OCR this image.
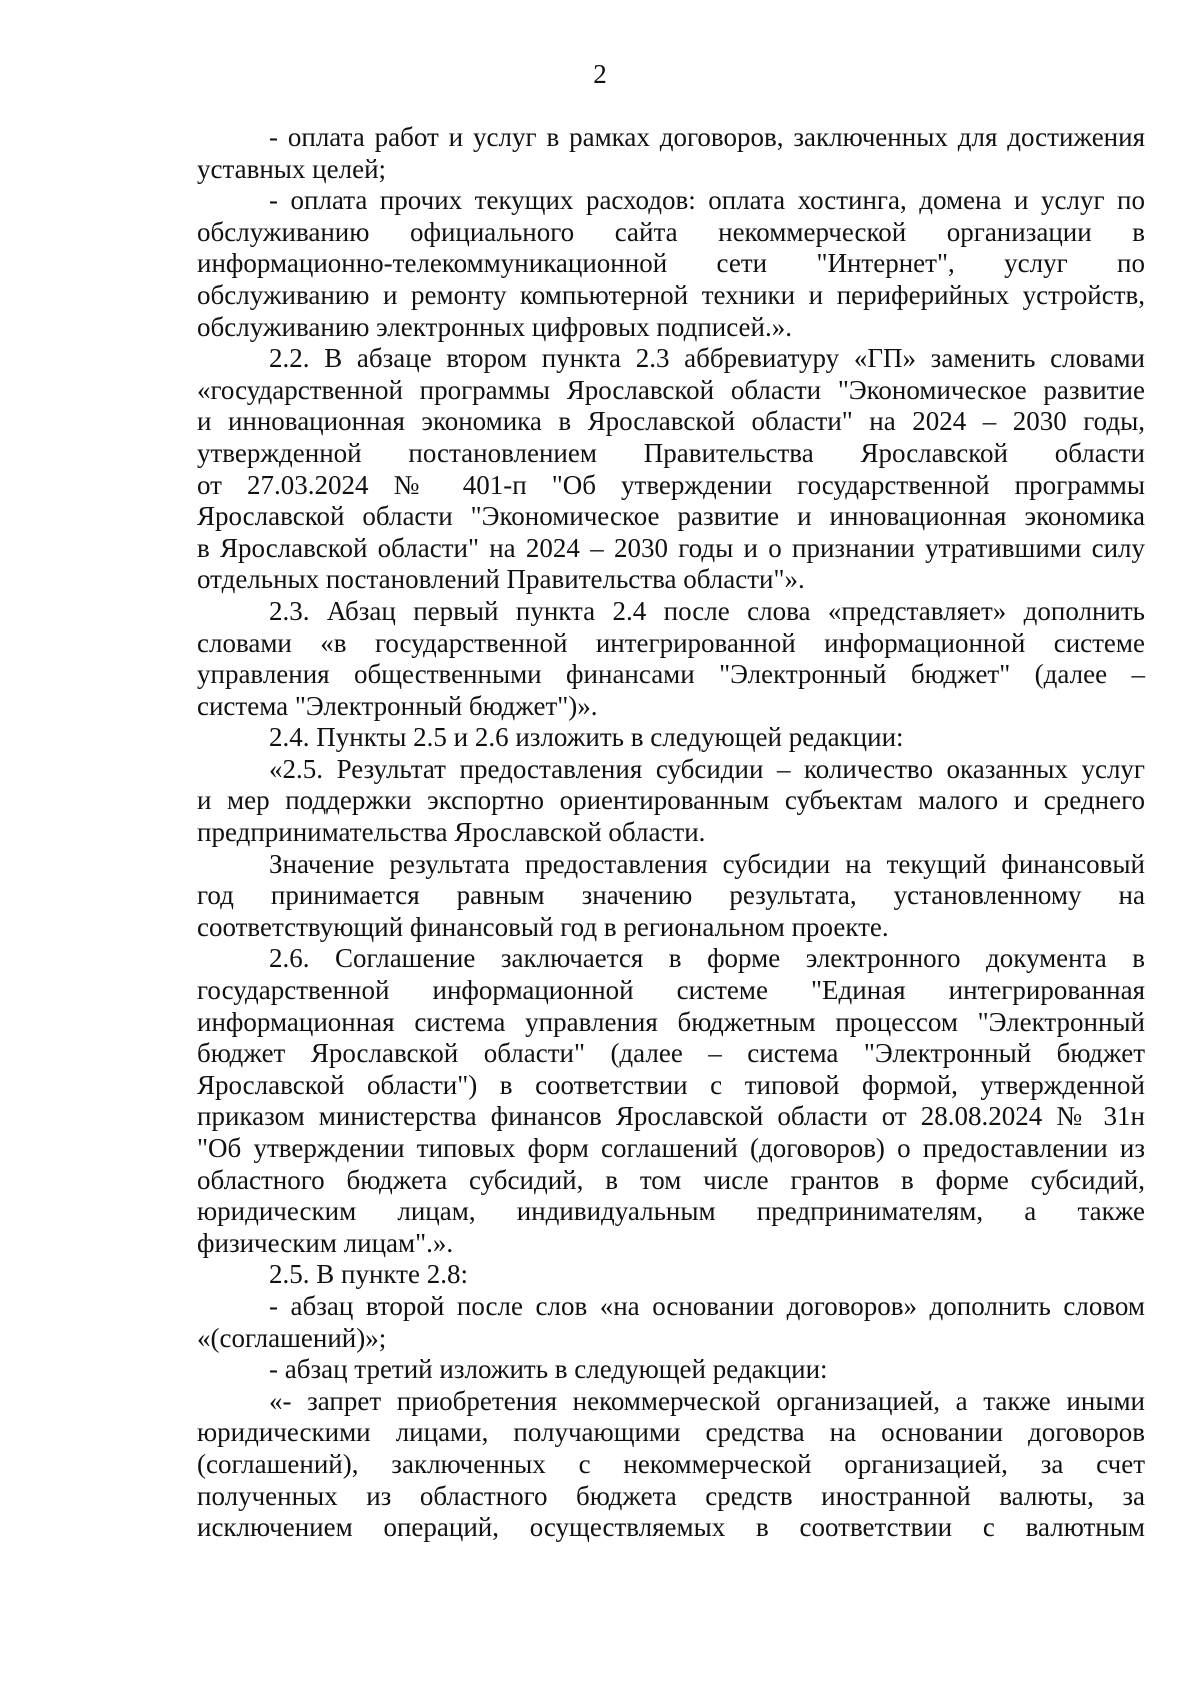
2
- оплата работ и услуг в рамках договоров, заключенных для достижения
уставных целей;
- оплата прочих текущих расходов: оплата хостинга, домена и услуг по
обслуживанию официального сайта некоммерческой организации в
информационно-телекоммуникационной сети "Интернет", услуг по
обслуживанию и ремонту компьютерной техники и периферийных устройств,
обслуживанию электронных цифровых подписей.».
2.2. В абзаце втором пункта 2.3 аббревиатуру «ГП» заменить словами
«государственной программы Ярославской области "Экономическое развитие
и инновационная экономика в Ярославской области" на 2024 – 2030 годы,
утвержденной постановлением Правительства Ярославской области
от 27.03.2024 № 401-п "Об утверждении государственной программы
Ярославской области "Экономическое развитие и инновационная экономика
в Ярославской области" на 2024 – 2030 годы и о признании утратившими силу
отдельных постановлений Правительства области"».
2.3. Абзац первый пункта 2.4 после слова «представляет» дополнить
словами «в государственной интегрированной информационной системе
управления общественными финансами "Электронный бюджет" (далее –
система "Электронный бюджет")».
2.4. Пункты 2.5 и 2.6 изложить в следующей редакции:
«2.5. Результат предоставления субсидии – количество оказанных услуг
и мер поддержки экспортно ориентированным субъектам малого и среднего
предпринимательства Ярославской области.
Значение результата предоставления субсидии на текущий финансовый
год принимается равным значению результата, установленному на
соответствующий финансовый год в региональном проекте.
2.6. Соглашение заключается в форме электронного документа в
государственной информационной системе "Единая интегрированная
информационная система управления бюджетным процессом "Электронный
бюджет Ярославской области" (далее – система "Электронный бюджет
Ярославской области") в соответствии с типовой формой, утвержденной
приказом министерства финансов Ярославской области от 28.08.2024 № 31н
"Об утверждении типовых форм соглашений (договоров) о предоставлении из
областного бюджета субсидий, в том числе грантов в форме субсидий,
юридическим лицам, индивидуальным предпринимателям, а также
физическим лицам".».
2.5. В пункте 2.8:
- абзац второй после слов «на основании договоров» дополнить словом
«(соглашений)»;
- абзац третий изложить в следующей редакции:
«- запрет приобретения некоммерческой организацией, а также иными
юридическими лицами, получающими средства на основании договоров
(соглашений), заключенных с некоммерческой организацией, за счет
полученных из областного бюджета средств иностранной валюты, за
исключением операций, осуществляемых в соответствии с валютным
